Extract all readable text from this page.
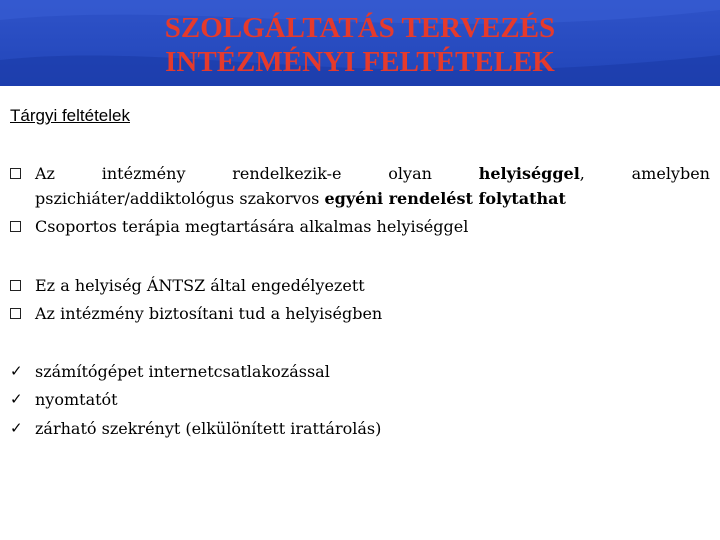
SZOLGÁLTATÁS TERVEZÉS
INTÉZMÉNYI FELTÉTELEK
Tárgyi feltételek
Az intézmény rendelkezik-e olyan helyiséggel, amelyben
pszichiáter/addiktológus szakorvos egyéni rendelést folytathat
Csoportos terápia megtartására alkalmas helyiséggel
Ez a helyiség ÁNTSZ által engedélyezett
Az intézmény biztosítani tud a helyiségben
✓ számítógépet internetcsatlakozással
✓ nyomtatót
✓ zárható szekrényt (elkülönített irattárolás)
